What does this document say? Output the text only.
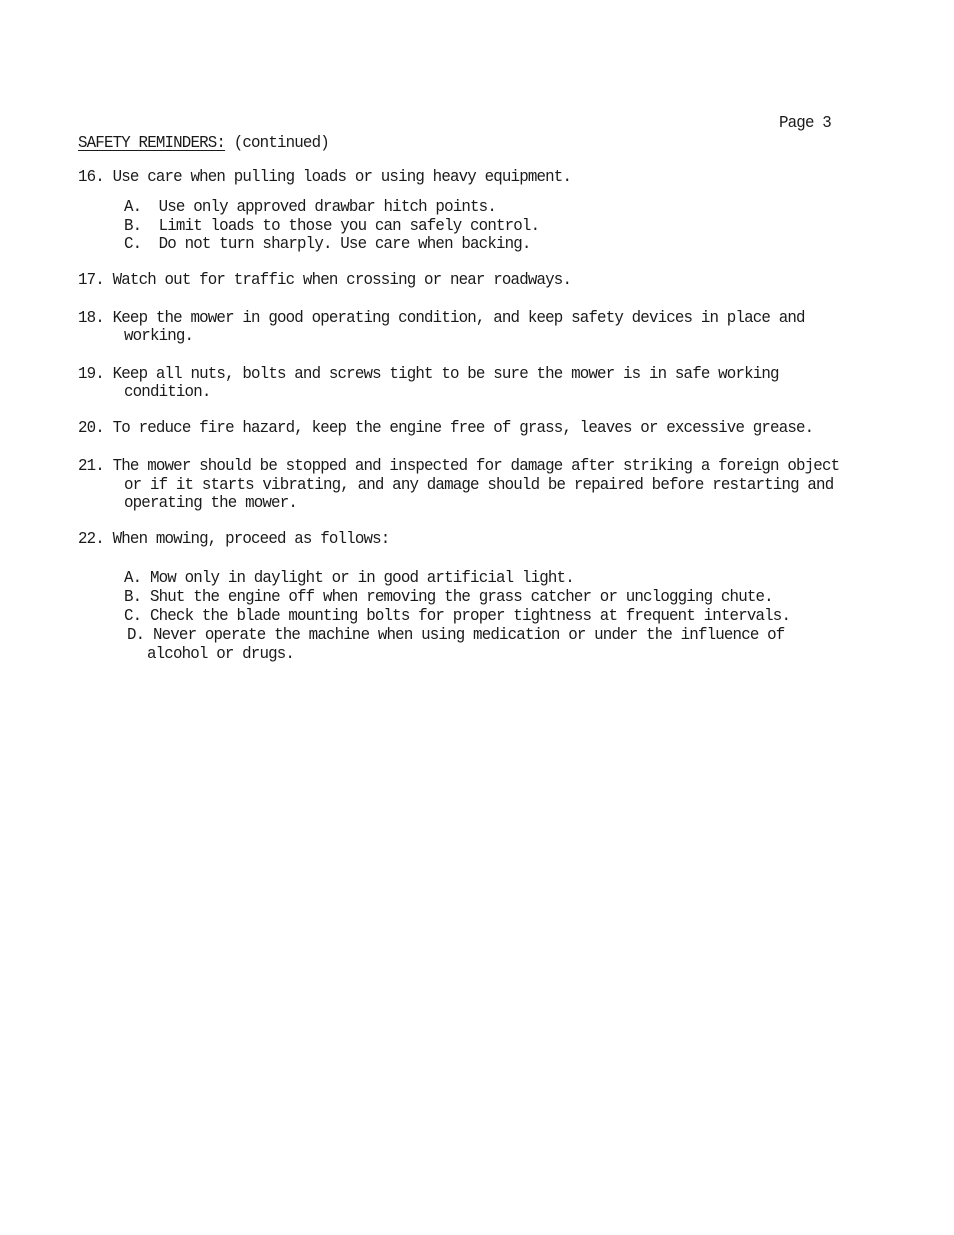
Page 3
SAFETY REMINDERS: (continued)
16. Use care when pulling loads or using heavy equipment.
A. Use only approved drawbar hitch points.
B. Limit loads to those you can safely control.
C. Do not turn sharply. Use care when backing.
17. Watch out for traffic when crossing or near roadways.
18. Keep the mower in good operating condition, and keep safety devices in place and
working.
19. Keep all nuts, bolts and screws tight to be sure the mower is in safe working
condition.
20. To reduce fire hazard, keep the engine free of grass, leaves or excessive grease.
21. The mower should be stopped and inspected for damage after striking a foreign object
or if it starts vibrating, and any damage should be repaired before restarting and
operating the mower.
22. When mowing, proceed as follows:
A. Mow only in daylight or in good artificial light.
B. Shut the engine off when removing the grass catcher or unclogging chute.
C. Check the blade mounting bolts for proper tightness at frequent intervals.
D. Never operate the machine when using medication or under the influence of
alcohol or drugs.
